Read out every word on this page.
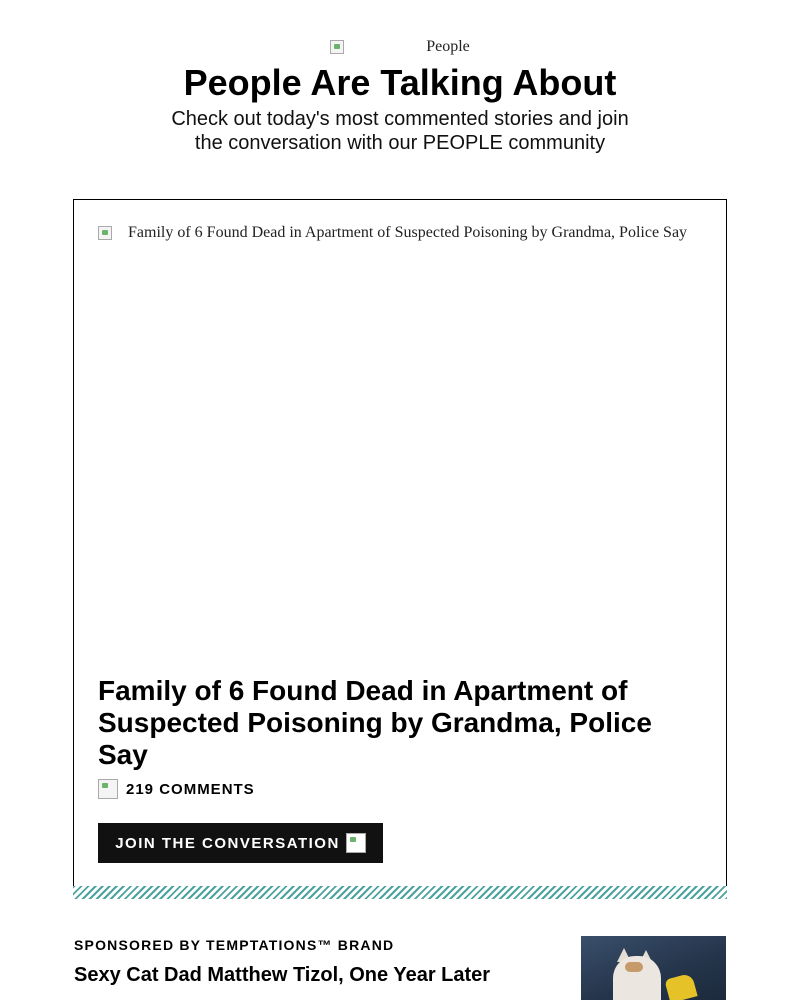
People
People Are Talking About

Check out today's most commented stories and join the conversation with our PEOPLE community

Family of 6 Found Dead in Apartment of Suspected Poisoning by Grandma, Police Say
Family of 6 Found Dead in Apartment of Suspected Poisoning by Grandma, Police Say
219 COMMENTS
JOIN THE CONVERSATION
SPONSORED BY TEMPTATIONS™ BRAND
Sexy Cat Dad Matthew Tizol, One Year Later
